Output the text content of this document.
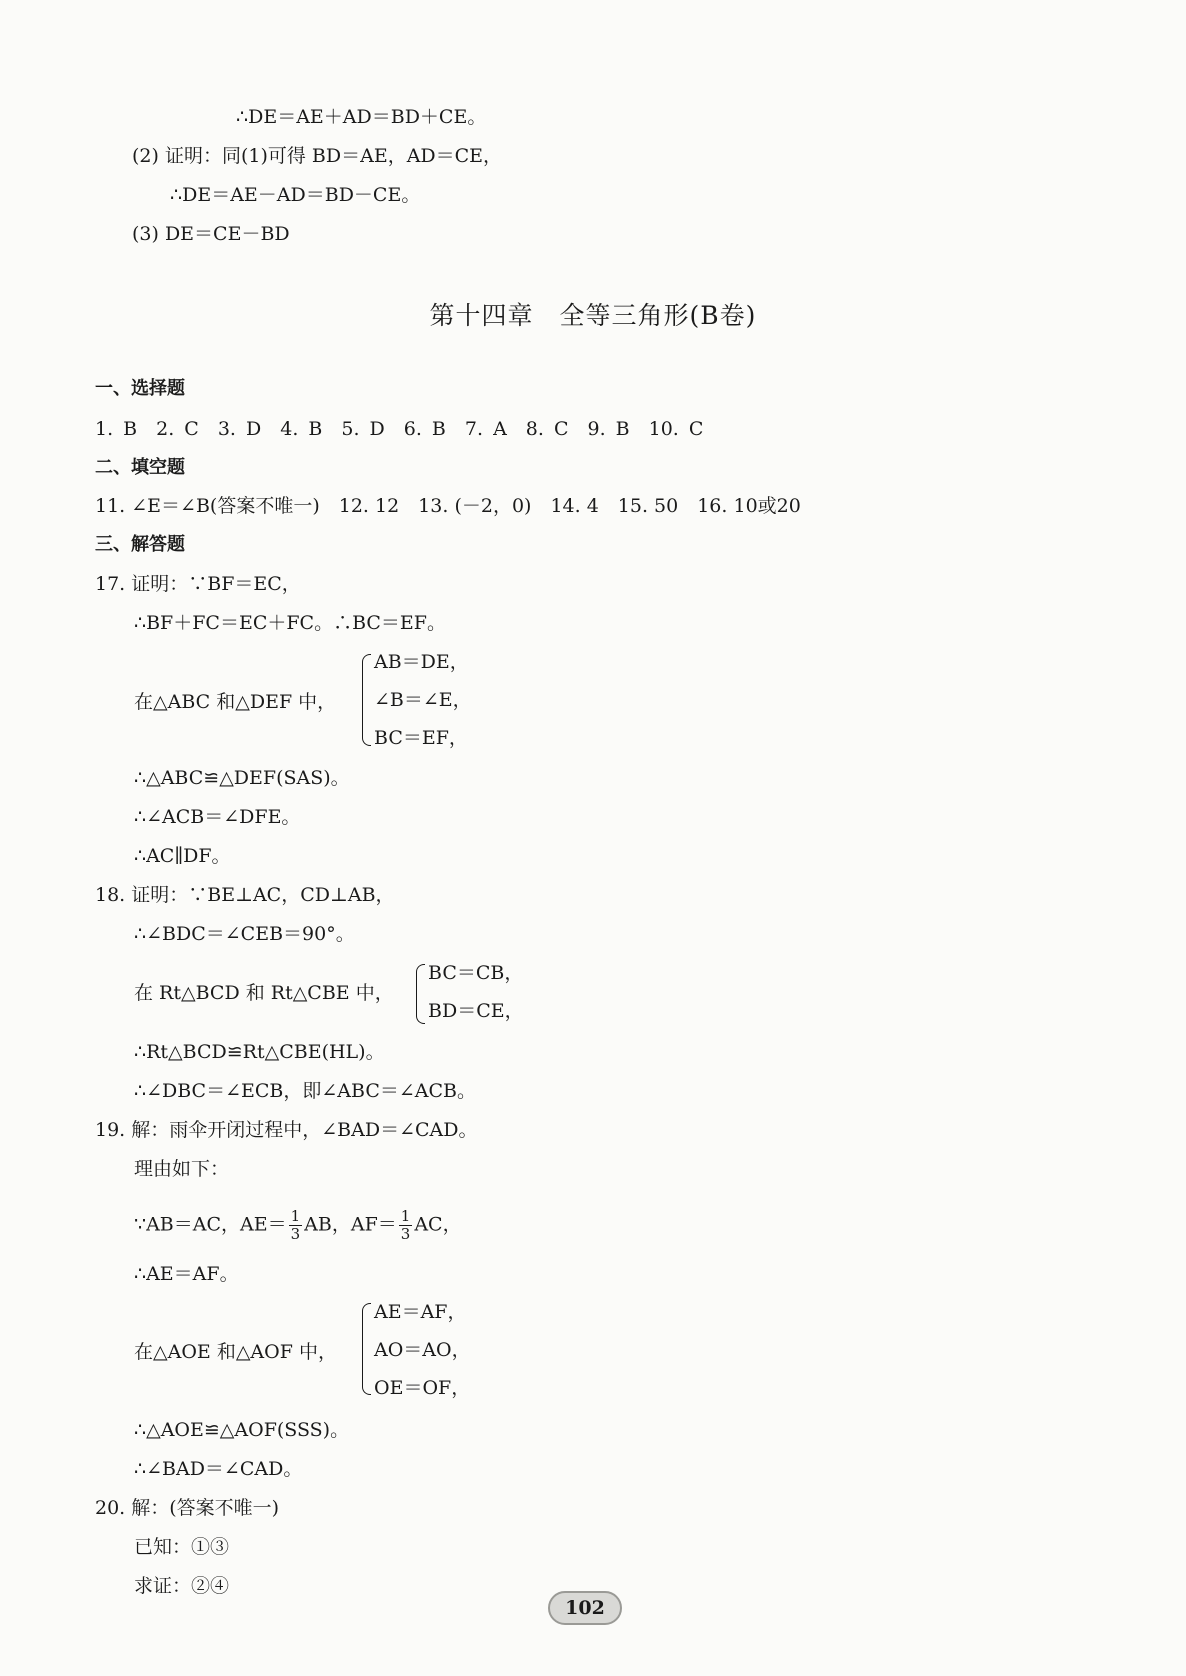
∴DE＝AE＋AD＝BD＋CE。
(2) 证明：同(1)可得 BD＝AE，AD＝CE，
∴DE＝AE－AD＝BD－CE。
(3) DE＝CE－BD
第十四章　全等三角形(B卷)
一、选择题
1. B　2. C　3. D　4. B　5. D　6. B　7. A　8. C　9. B　10. C
二、填空题
11. ∠E＝∠B(答案不唯一)　12. 12　13. (－2，0)　14. 4　15. 50　16. 10或20
三、解答题
17. 证明：∵BF＝EC，
∴BF＋FC＝EC＋FC。∴BC＝EF。
在△ABC 和△DEF 中，
AB＝DE，
∠B＝∠E，
BC＝EF，
∴△ABC≌△DEF(SAS)。
∴∠ACB＝∠DFE。
∴AC∥DF。
18. 证明：∵BE⊥AC，CD⊥AB，
∴∠BDC＝∠CEB＝90°。
在 Rt△BCD 和 Rt△CBE 中，
BC＝CB，
BD＝CE，
∴Rt△BCD≌Rt△CBE(HL)。
∴∠DBC＝∠ECB，即∠ABC＝∠ACB。
19. 解：雨伞开闭过程中，∠BAD＝∠CAD。
理由如下：
∵AB＝AC，$AE= \frac{1}{3}$ AB，$AF= \frac{1}{3}$ AC，
∴AE＝AF。
在△AOE 和△AOF 中，
AE＝AF，
AO＝AO，
OE＝OF，
∴△AOE≌△AOF(SSS)。
∴∠BAD＝∠CAD。
20. 解：(答案不唯一)
已知：①③
求证：②④
102
